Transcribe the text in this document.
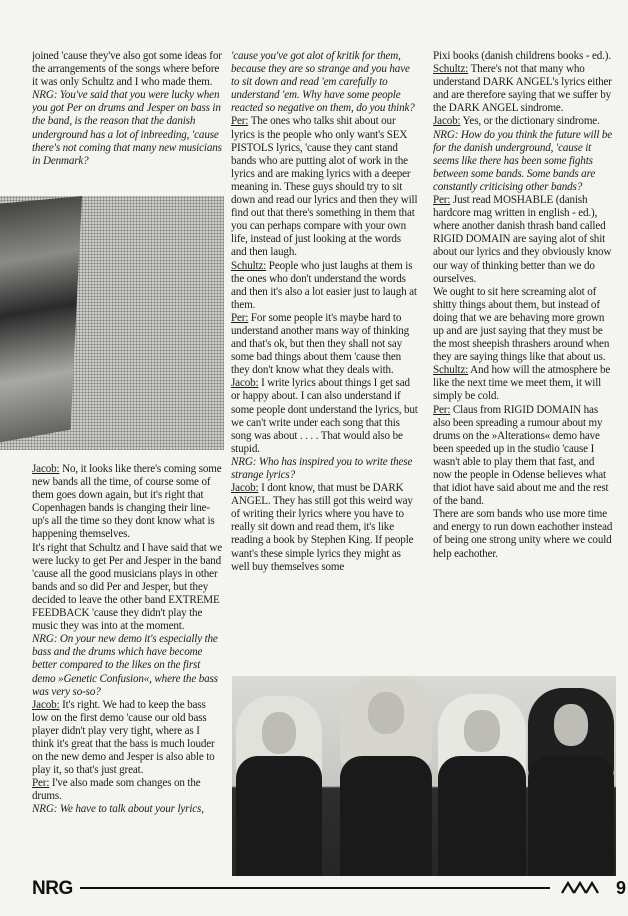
joined 'cause they've also got some ideas for the arrangements of the songs where before it was only Schultz and I who made them.

NRG: You've said that you were lucky when you got Per on drums and Jesper on bass in the band, is the reason that the danish underground has a lot of inbreeding, 'cause there's not coming that many new musicians in Denmark?

Jacob: No, it looks like there's coming some new bands all the time, of course some of them goes down again, but it's right that Copenhagen bands is changing their line-up's all the time so they dont know what is happening themselves.

It's right that Schultz and I have said that we were lucky to get Per and Jesper in the band 'cause all the good musicians plays in other bands and so did Per and Jesper, but they decided to leave the other band EXTREME FEEDBACK 'cause they didn't play the music they was into at the moment.

NRG: On your new demo it's especially the bass and the drums which have become better compared to the likes on the first demo »Genetic Confusion«, where the bass was very so-so?

Jacob: It's right. We had to keep the bass low on the first demo 'cause our old bass player didn't play very tight, where as I think it's great that the bass is much louder on the new demo and Jesper is also able to play it, so that's just great.

Per: I've also made som changes on the drums.

NRG: We have to talk about your lyrics,

'cause you've got alot of kritik for them, because they are so strange and you have to sit down and read 'em carefully to understand 'em. Why have some people reacted so negative on them, do you think?

Per: The ones who talks shit about our lyrics is the people who only want's SEX PISTOLS lyrics, 'cause they cant stand bands who are putting alot of work in the lyrics and are making lyrics with a deeper meaning in. These guys should try to sit down and read our lyrics and then they will find out that there's something in them that you can perhaps compare with your own life, instead of just looking at the words and then laugh.

Schultz: People who just laughs at them is the ones who don't understand the words and then it's also a lot easier just to laugh at them.

Per: For some people it's maybe hard to understand another mans way of thinking and that's ok, but then they shall not say some bad things about them 'cause then they don't know what they deals with.

Jacob: I write lyrics about things I get sad or happy about. I can also understand if some people dont understand the lyrics, but we can't write under each song that this song was about . . . . That would also be stupid.

NRG: Who has inspired you to write these strange lyrics?

Jacob: I dont know, that must be DARK ANGEL. They has still got this weird way of writing their lyrics where you have to really sit down and read them, it's like reading a book by Stephen King. If people want's these simple lyrics they might as well buy themselves some

Pixi books (danish childrens books - ed.).

Schultz: There's not that many who understand DARK ANGEL's lyrics either and are therefore saying that we suffer by the DARK ANGEL sindrome.

Jacob: Yes, or the dictionary sindrome.

NRG: How do you think the future will be for the danish underground, 'cause it seems like there has been some fights between some bands. Some bands are constantly criticising other bands?

Per: Just read MOSHABLE (danish hardcore mag written in english - ed.), where another danish thrash band called RIGID DOMAIN are saying alot of shit about our lyrics and they obviously know our way of thinking better than we do ourselves.

We ought to sit here screaming alot of shitty things about them, but instead of doing that we are behaving more grown up and are just saying that they must be the most sheepish thrashers around when they are saying things like that about us.

Schultz: And how will the atmosphere be like the next time we meet them, it will simply be cold.

Per: Claus from RIGID DOMAIN has also been spreading a rumour about my drums on the »Alterations« demo have been speeded up in the studio 'cause I wasn't able to play them that fast, and now the people in Odense believes what that idiot have said about me and the rest of the band.

There are som bands who use more time and energy to run down eachother instead of being one strong unity where we could help eachother.

NRG	9
